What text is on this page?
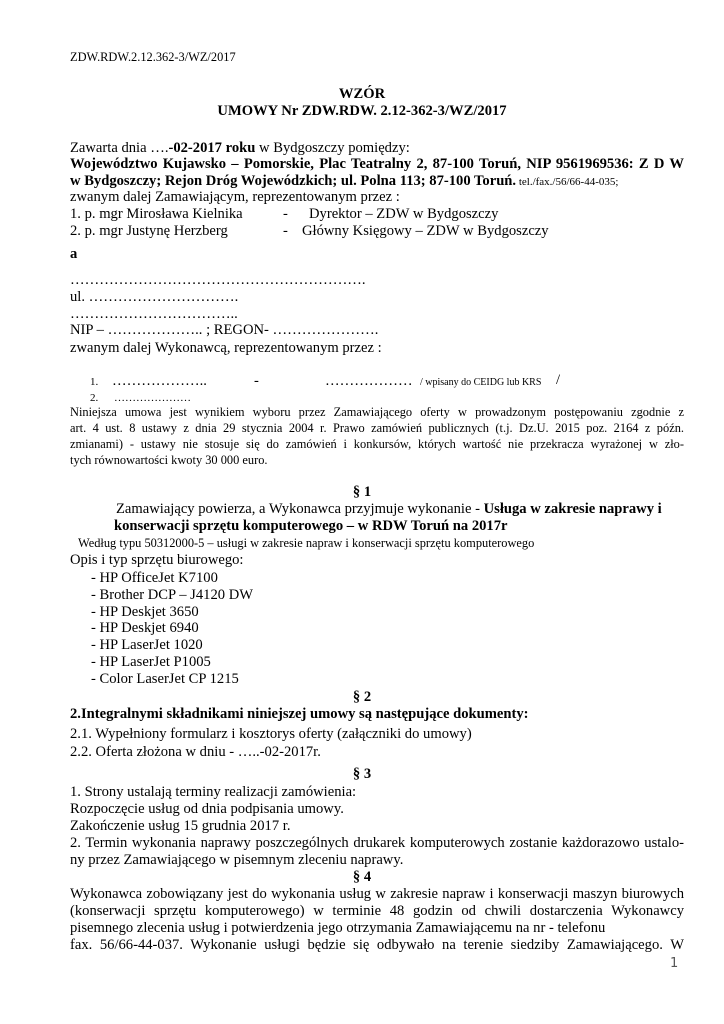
ZDW.RDW.2.12.362-3/WZ/2017
WZÓR
UMOWY Nr ZDW.RDW. 2.12-362-3/WZ/2017
Zawarta dnia ….-02-2017 roku w Bydgoszczy pomiędzy:
Województwo Kujawsko – Pomorskie, Plac Teatralny 2, 87-100 Toruń, NIP 9561969536: Z D W
w Bydgoszczy; Rejon Dróg Wojewódzkich; ul. Polna 113; 87-100 Toruń. tel./fax./56/66-44-035;
zwanym dalej Zamawiającym, reprezentowanym przez :
1. p. mgr Mirosława Kielnika	- Dyrektor – ZDW w Bydgoszczy
2. p. mgr Justynę Herzberg	- Główny Księgowy – ZDW w Bydgoszczy
a
…………………………………………………….
ul. ………………………….
……………………………..
NIP – ……………….. ; REGON- ………………….
zwanym dalej Wykonawcą, reprezentowanym przez :
1. ………………..	-	……………… / wpisany do CEIDG lub KRS /
2. …………………
Niniejsza umowa jest wynikiem wyboru przez Zamawiającego oferty w prowadzonym postępowaniu zgodnie z
art. 4 ust. 8 ustawy z dnia 29 stycznia 2004 r. Prawo zamówień publicznych (t.j. Dz.U. 2015 poz. 2164 z późn.
zmianami) - ustawy nie stosuje się do zamówień i konkursów, których wartość nie przekracza wyrażonej w zło-
tych równowartości kwoty 30 000 euro.
§ 1
Zamawiający powierza, a Wykonawca przyjmuje wykonanie - Usługa w zakresie naprawy i
konserwacji sprzętu komputerowego – w RDW Toruń na 2017r
Według typu 50312000-5 – usługi w zakresie napraw i konserwacji sprzętu komputerowego
Opis i typ sprzętu biurowego:
- HP OfficeJet K7100
- Brother DCP – J4120 DW
- HP Deskjet 3650
- HP Deskjet 6940
- HP LaserJet 1020
- HP LaserJet P1005
- Color LaserJet CP 1215
§ 2
2.Integralnymi składnikami niniejszej umowy są następujące dokumenty:
2.1. Wypełniony formularz i kosztorys oferty (załączniki do umowy)
2.2. Oferta złożona w dniu - …..-02-2017r.
§ 3
1. Strony ustalają terminy realizacji zamówienia:
Rozpoczęcie usług od dnia podpisania umowy.
Zakończenie usług 15 grudnia 2017 r.
2. Termin wykonania naprawy poszczególnych drukarek komputerowych zostanie każdorazowo ustalo-
ny przez Zamawiającego w pisemnym zleceniu naprawy.
§ 4
Wykonawca zobowiązany jest do wykonania usług w zakresie napraw i konserwacji maszyn biurowych
(konserwacji sprzętu komputerowego) w terminie 48 godzin od chwili dostarczenia Wykonawcy
pisemnego zlecenia usług i potwierdzenia jego otrzymania Zamawiającemu na nr - telefonu
fax. 56/66-44-037. Wykonanie usługi będzie się odbywało na terenie siedziby Zamawiającego. W
1
